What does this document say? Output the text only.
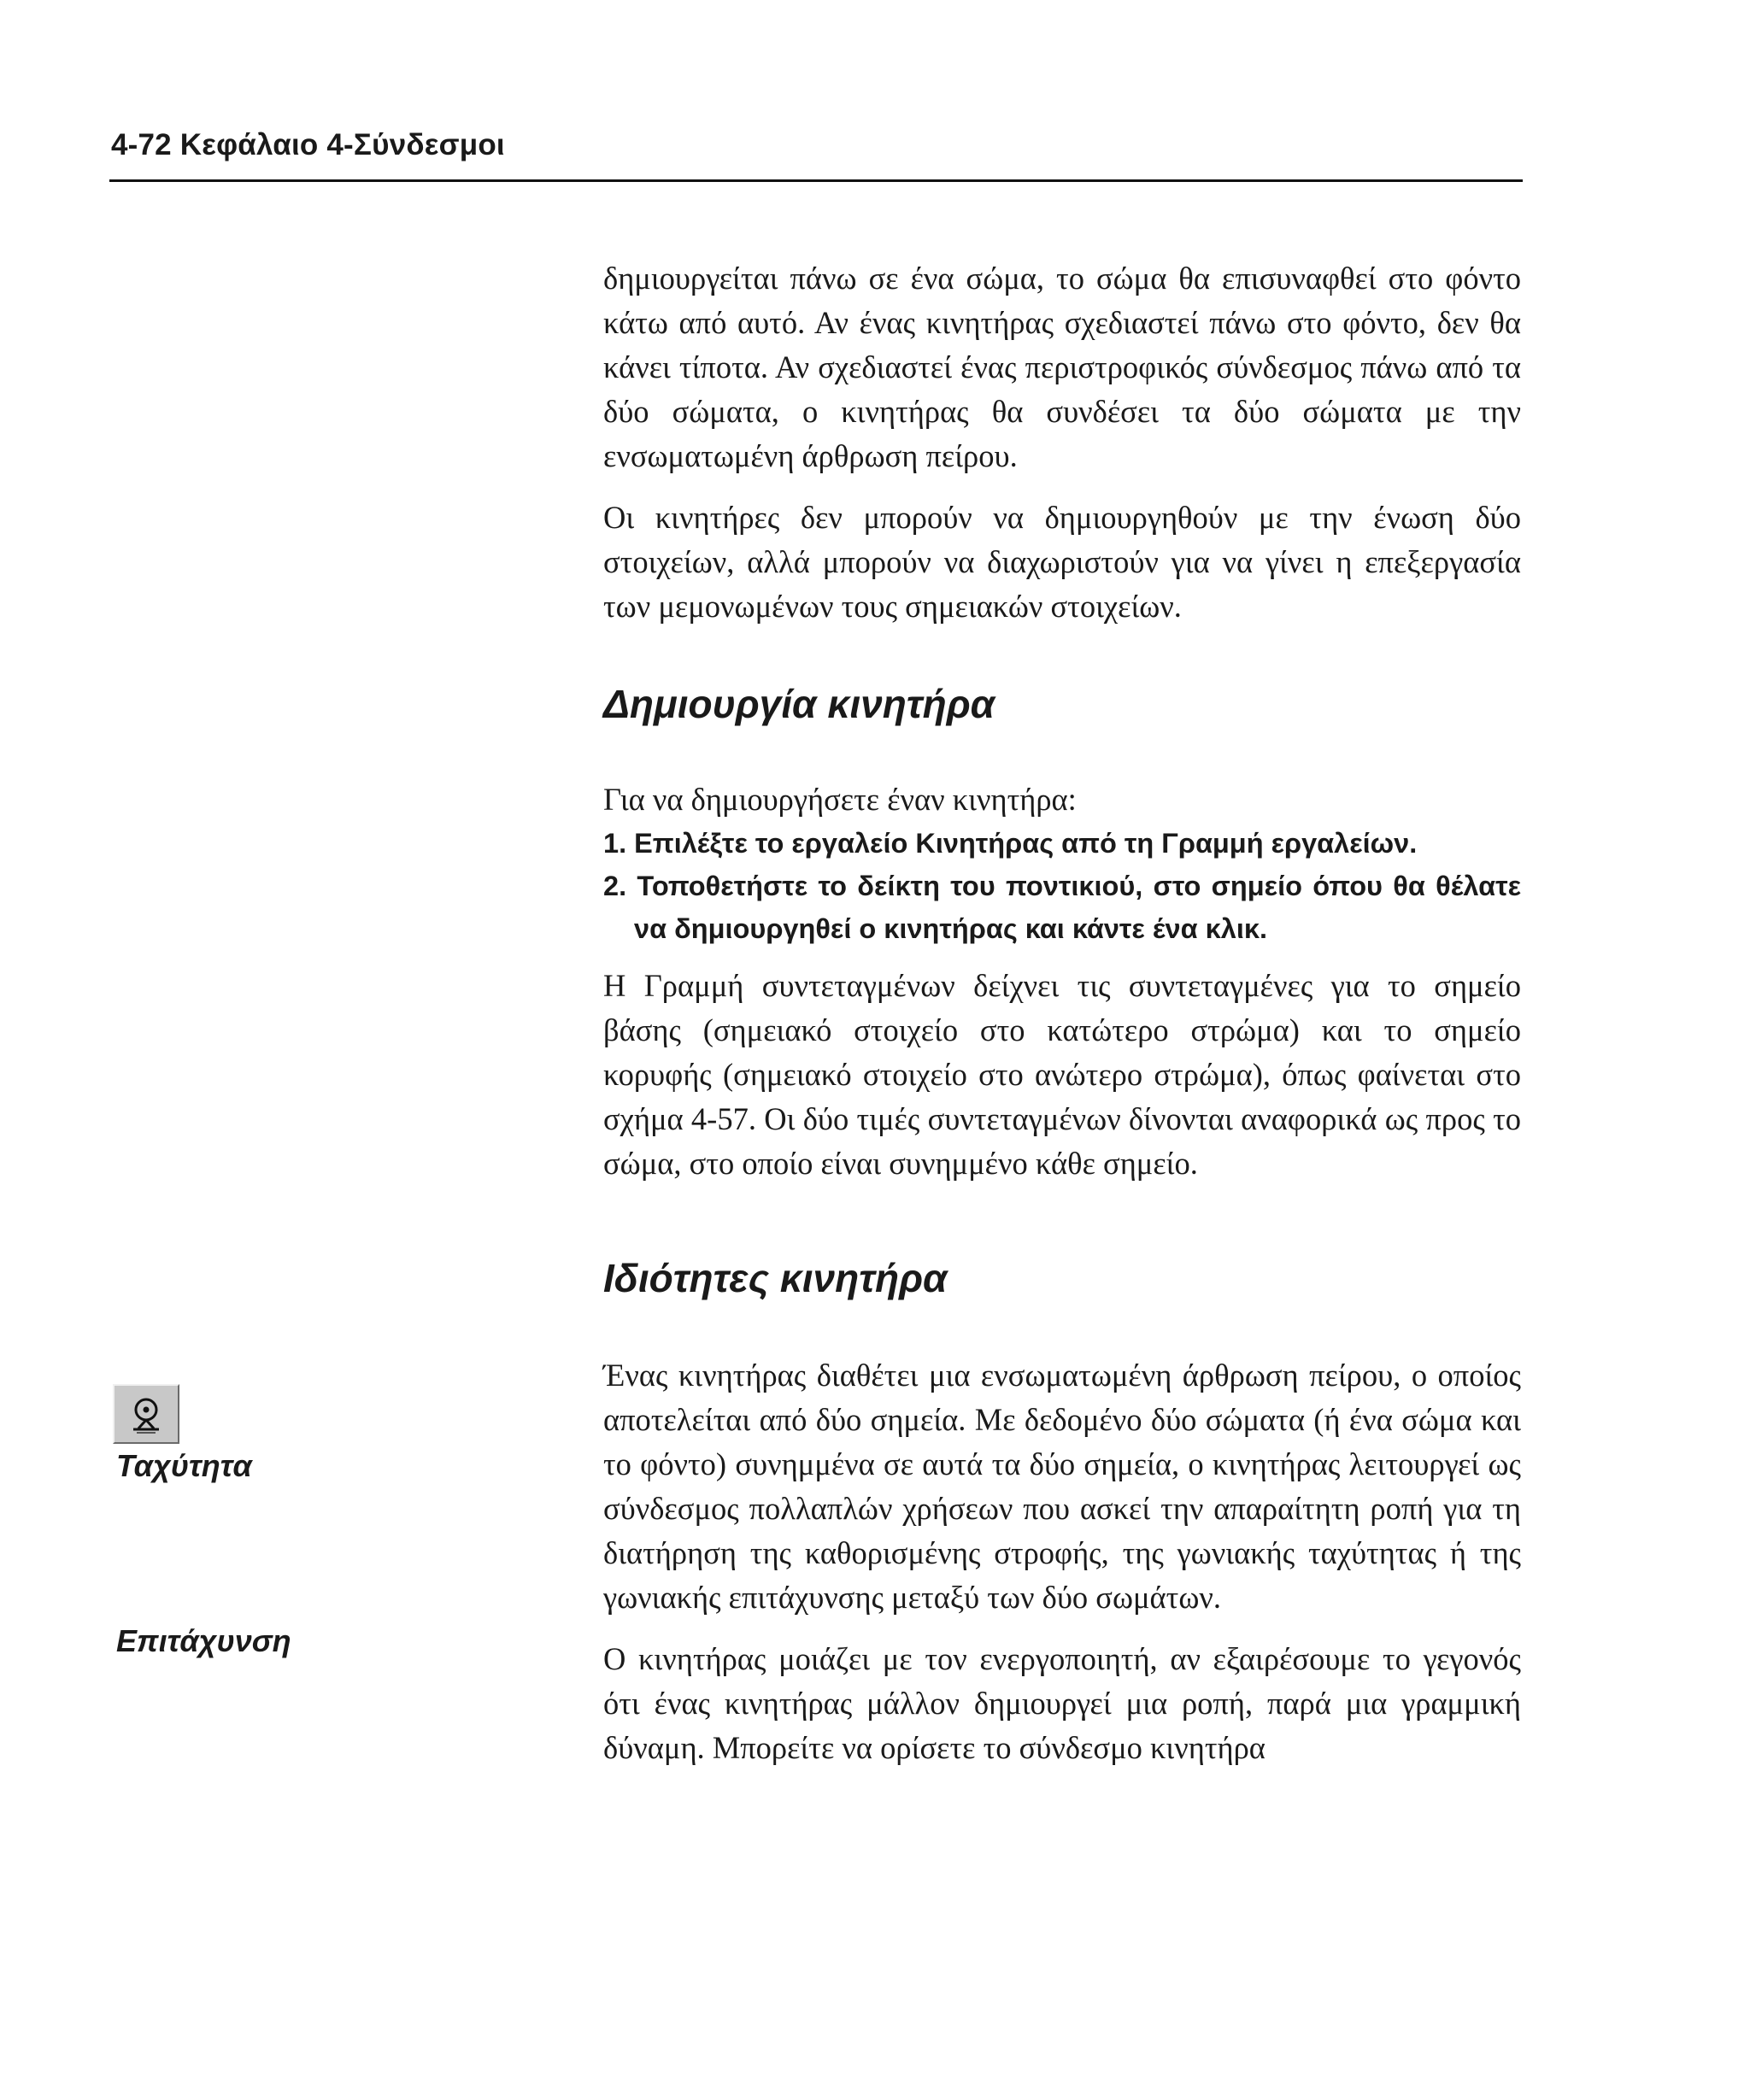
4-72 Κεφάλαιο 4-Σύνδεσμοι
Ταχύτητα
Επιτάχυνση

δημιουργείται πάνω σε ένα σώμα, το σώμα θα επισυναφθεί στο φόντο κάτω από αυτό. Αν ένας κινητήρας σχεδιαστεί πάνω στο φόντο, δεν θα κάνει τίποτα. Αν σχεδιαστεί ένας περιστροφικός σύνδεσμος πάνω από τα δύο σώματα, ο κινητήρας θα συνδέσει τα δύο σώματα με την ενσωματωμένη άρθρωση πείρου.

Οι κινητήρες δεν μπορούν να δημιουργηθούν με την ένωση δύο στοιχείων, αλλά μπορούν να διαχωριστούν για να γίνει η επεξεργασία των μεμονωμένων τους σημειακών στοιχείων.

Δημιουργία κινητήρα

Για να δημιουργήσετε έναν κινητήρα:

1. Επιλέξτε το εργαλείο Κινητήρας από τη Γραμμή εργαλείων.

2. Τοποθετήστε το δείκτη του ποντικιού, στο σημείο όπου θα θέλατε να δημιουργηθεί ο κινητήρας και κάντε ένα κλικ.

Η Γραμμή συντεταγμένων δείχνει τις συντεταγμένες για το σημείο βάσης (σημειακό στοιχείο στο κατώτερο στρώμα) και το σημείο κορυφής (σημειακό στοιχείο στο ανώτερο στρώμα), όπως φαίνεται στο σχήμα 4-57. Οι δύο τιμές συντεταγμένων δίνονται αναφορικά ως προς το σώμα, στο οποίο είναι συνημμένο κάθε σημείο.

Ιδιότητες κινητήρα

Ένας κινητήρας διαθέτει μια ενσωματωμένη άρθρωση πείρου, ο οποίος αποτελείται από δύο σημεία. Με δεδομένο δύο σώματα (ή ένα σώμα και το φόντο) συνημμένα σε αυτά τα δύο σημεία, ο κινητήρας λειτουργεί ως σύνδεσμος πολλαπλών χρήσεων που ασκεί την απαραίτητη ροπή για τη διατήρηση της καθορισμένης στροφής, της γωνιακής ταχύτητας ή της γωνιακής επιτάχυνσης μεταξύ των δύο σωμάτων.

Ο κινητήρας μοιάζει με τον ενεργοποιητή, αν εξαιρέσουμε το γεγονός ότι ένας κινητήρας μάλλον δημιουργεί μια ροπή, παρά μια γραμμική δύναμη. Μπορείτε να ορίσετε το σύνδεσμο κινητήρα
